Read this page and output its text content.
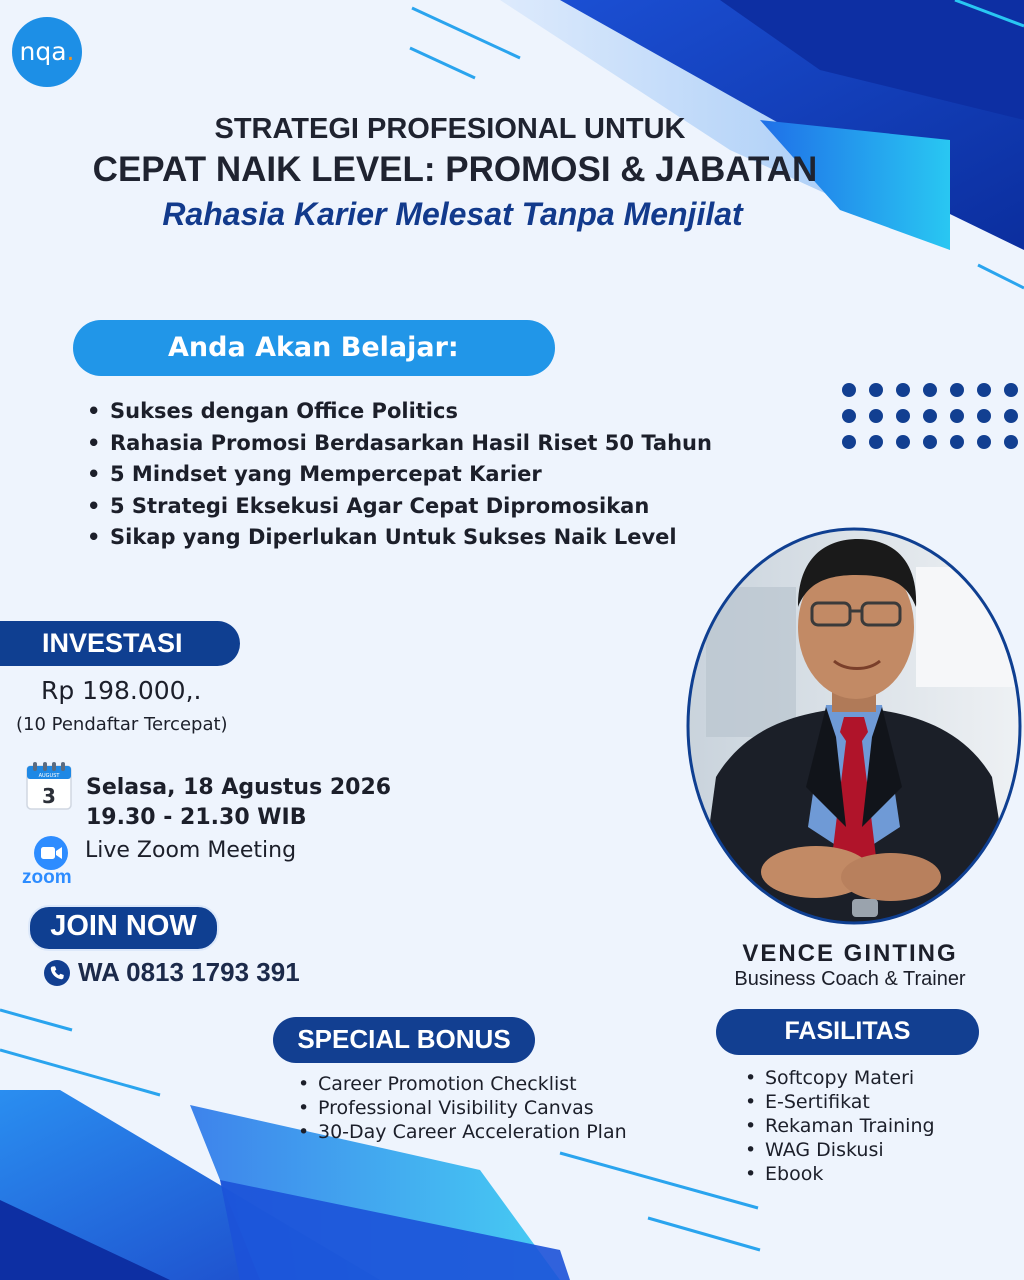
nqa.
STRATEGI PROFESIONAL UNTUK
CEPAT NAIK LEVEL: PROMOSI & JABATAN
Rahasia Karier Melesat Tanpa Menjilat
Anda Akan Belajar:
• Sukses dengan Office Politics
• Rahasia Promosi Berdasarkan Hasil Riset 50 Tahun
• 5 Mindset yang Mempercepat Karier
• 5 Strategi Eksekusi Agar Cepat Dipromosikan
• Sikap yang Diperlukan Untuk Sukses Naik Level
INVESTASI
Rp 198.000,.
(10 Pendaftar Tercepat)
AUGUST
3 Selasa, 18 Agustus 2026
19.30 - 21.30 WIB
zoom
Live Zoom Meeting
JOIN NOW
WA 0813 1793 391
VENCE GINTING
Business Coach & Trainer
SPECIAL BONUS
• Career Promotion Checklist
• Professional Visibility Canvas
• 30-Day Career Acceleration Plan
FASILITAS
• Softcopy Materi
• E-Sertifikat
• Rekaman Training
• WAG Diskusi
• Ebook
